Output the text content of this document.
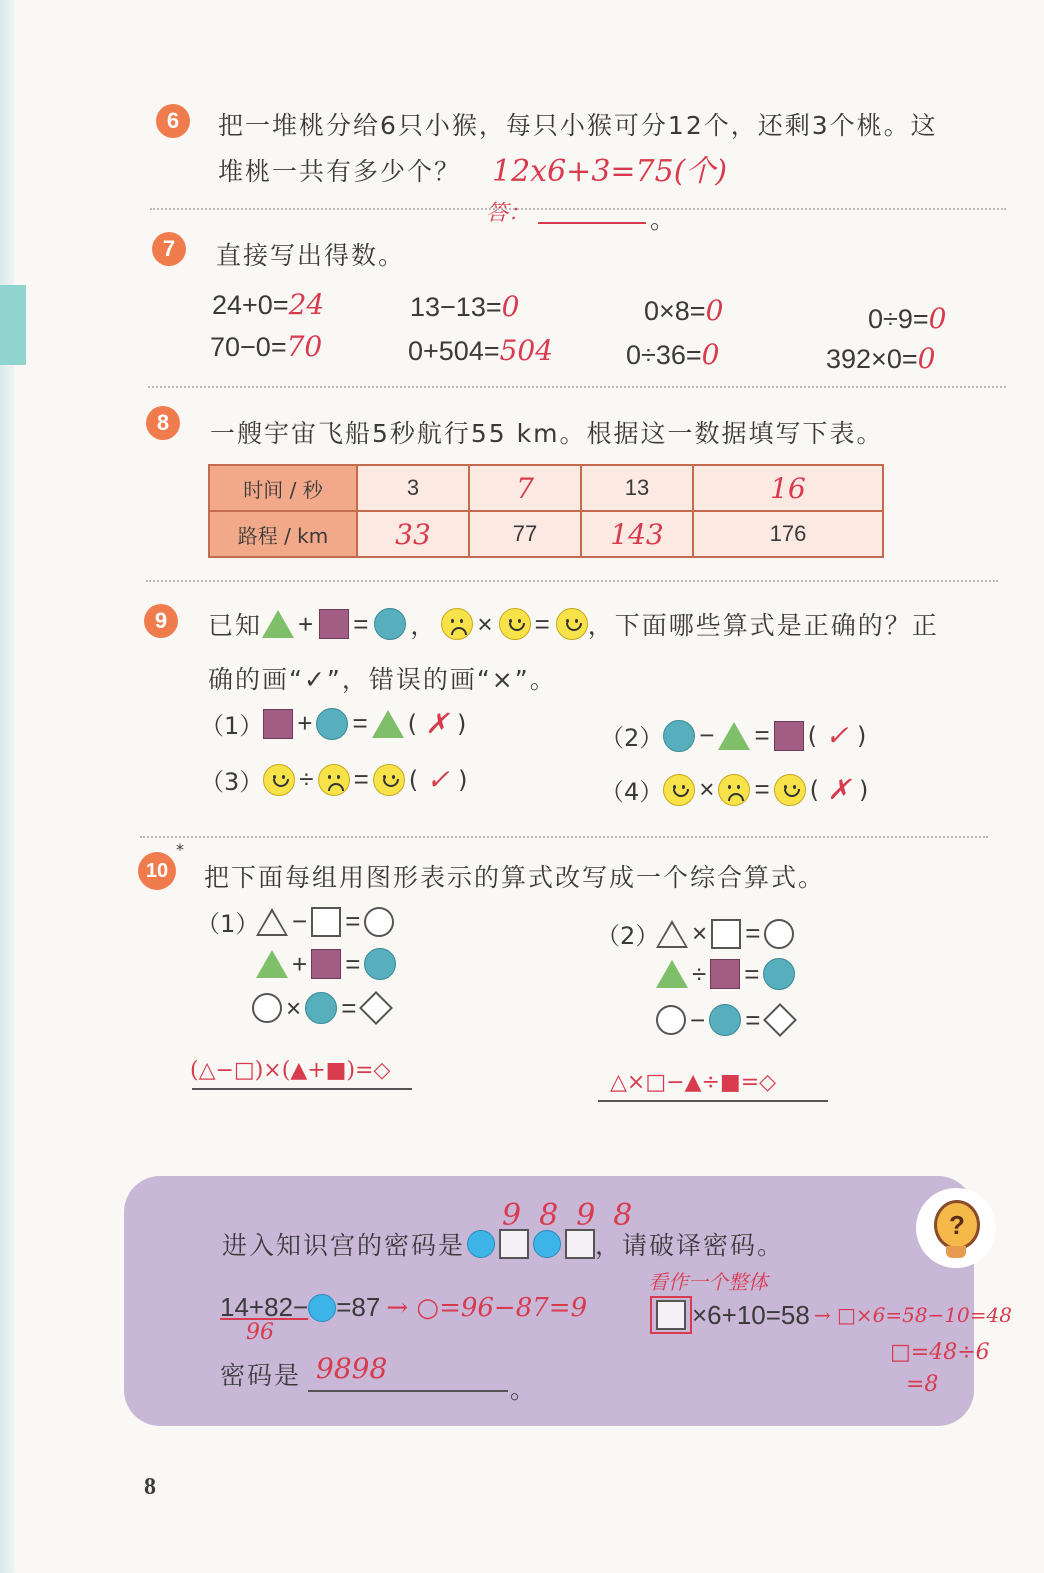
6 把一堆桃分给6只小猴，每只小猴可分12个，还剩3个桃。这
堆桃一共有多少个？ 12x6+3=75(个)
答：	。
7 直接写出得数。
24+0=24	13−13=0	0×8=0	0÷9=0
70−0=70	0+504=504	0÷36=0	392×0=0
8 一艘宇宙飞船5秒航行55 km。根据这一数据填写下表。
时间 / 秒	3	7	13	16
路程 / km	33	77	143	176
9 已知 + = ， × = ，下面哪些算式是正确的？正
确的画“✓”，错误的画“×”。
（1） + = ( ✗ )
（2） − = ( ✓ )
（3） ÷ = ( ✓ )	（4） × = ( ✗ )
10
*
把下面每组用图形表示的算式改写成一个综合算式。
（1） − =
+ =
× =
(△−□)×(▲+■)=◇
（2） × =
÷ =
− =
△×□−▲÷■=◇
?
进入知识宫的密码是	，请破译密码。
9898
14+82− =87 → ○=96−87=9
96
看作一个整体
×6+10=58 → □×6=58−10=48
□=48÷6
=8
密码是 9898
。
8
